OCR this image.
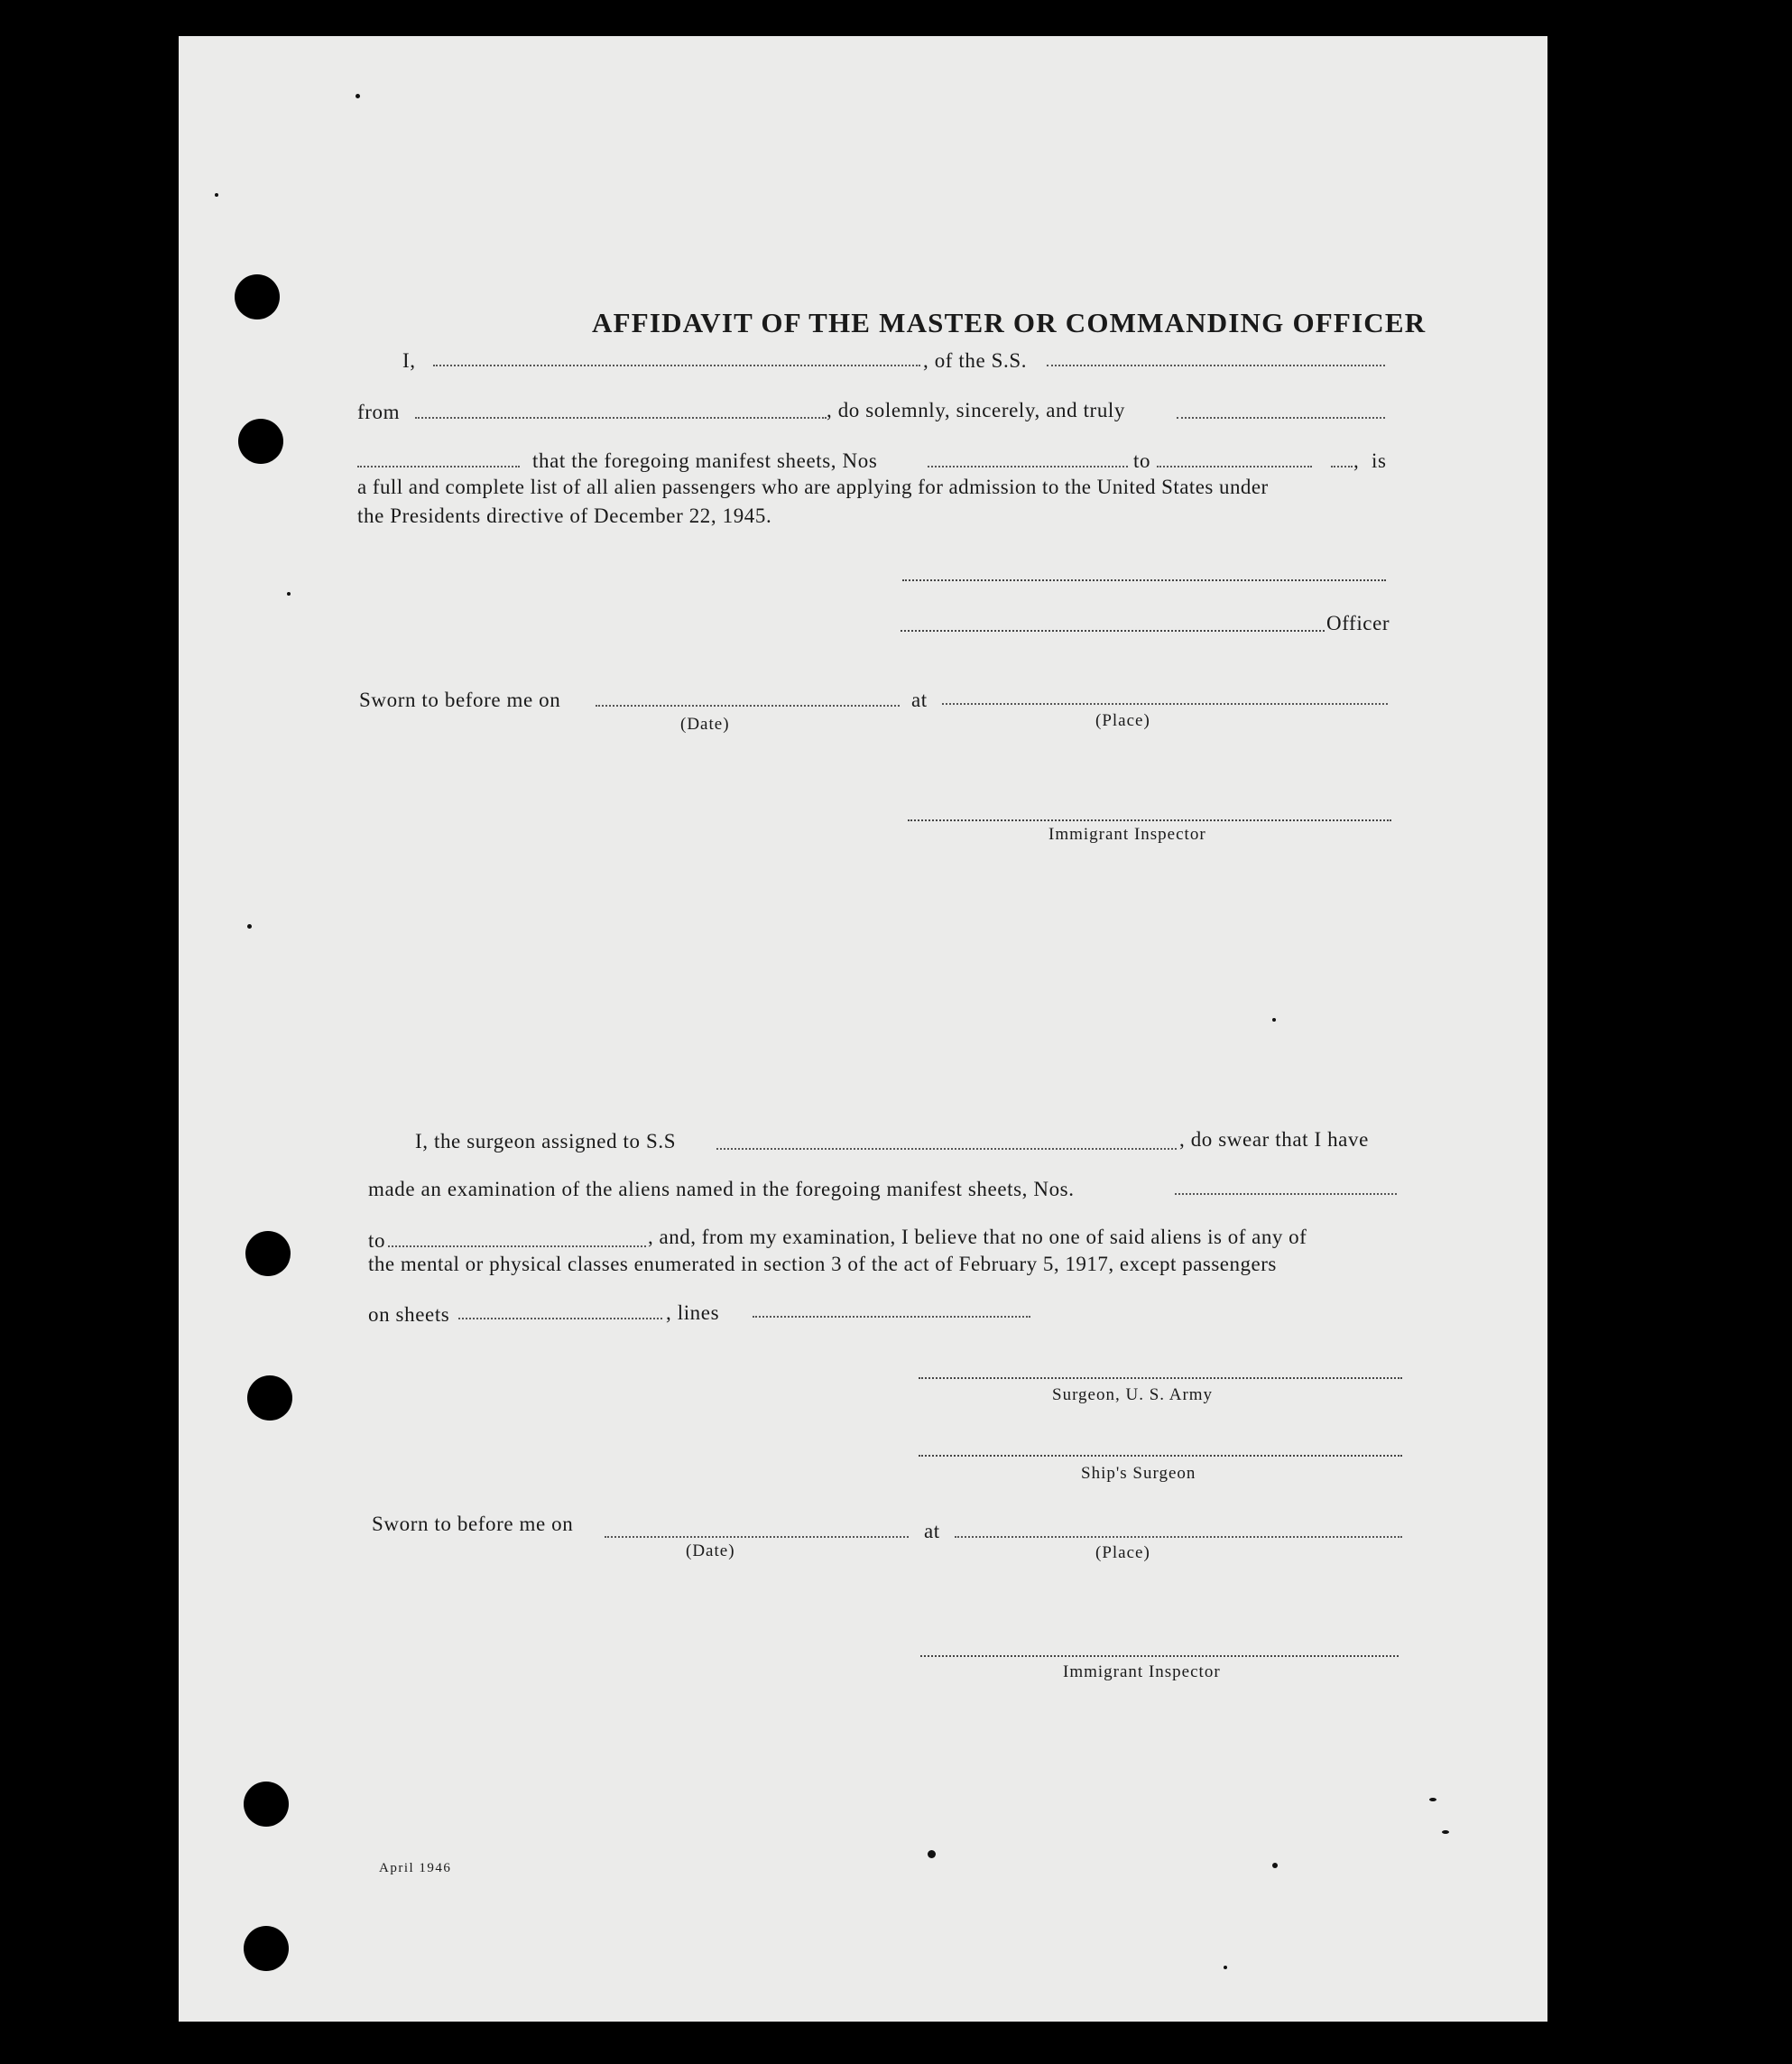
AFFIDAVIT OF THE MASTER OR COMMANDING OFFICER
I,	, of the S.S.
from	, do solemnly, sincerely, and truly
that the foregoing manifest sheets, Nos	to	, is
a full and complete list of all alien passengers who are applying for admission to the United States under
the Presidents directive of December 22, 1945.
Officer
Sworn to before me on
(Date)
at
(Place)
Immigrant Inspector
I, the surgeon assigned to S.S	, do swear that I have
made an examination of the aliens named in the foregoing manifest sheets, Nos.
to	, and, from my examination, I believe that no one of said aliens is of any of
the mental or physical classes enumerated in section 3 of the act of February 5, 1917, except passengers
on sheets	, lines
Surgeon, U. S. Army
Ship's Surgeon
Sworn to before me on
(Date)
at
(Place)
Immigrant Inspector
April 1946
